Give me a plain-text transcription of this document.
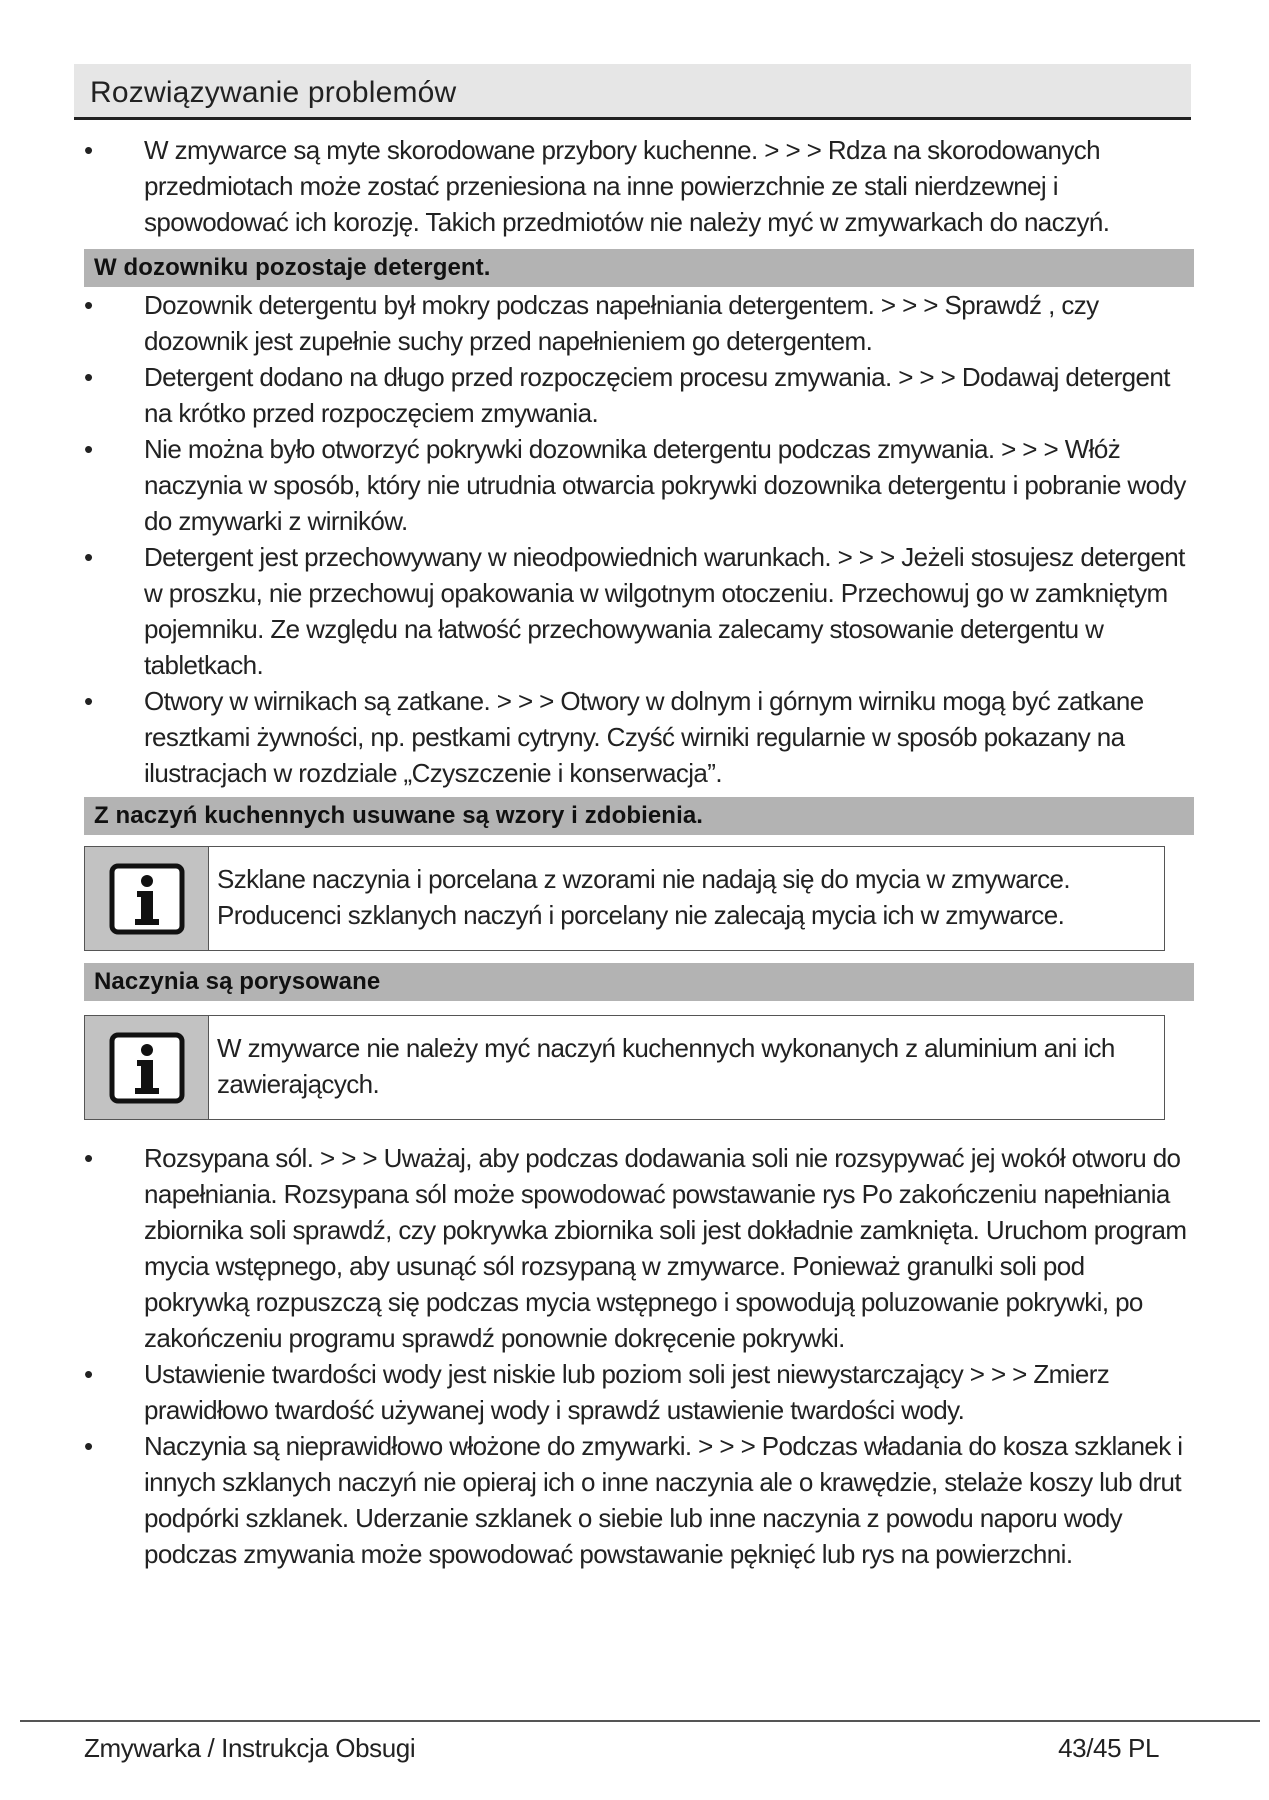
Rozwiązywanie problemów
• W zmywarce są myte skorodowane przybory kuchenne. > > > Rdza na skorodowanych przedmiotach może zostać przeniesiona na inne powierzchnie ze stali nierdzewnej i spowodować ich korozję. Takich przedmiotów nie należy myć w zmywarkach do naczyń.
W dozowniku pozostaje detergent.
• Dozownik detergentu był mokry podczas napełniania detergentem. > > > Sprawdź , czy dozownik jest zupełnie suchy przed napełnieniem go detergentem.
• Detergent dodano na długo przed rozpoczęciem procesu zmywania. > > > Dodawaj detergent na krótko przed rozpoczęciem zmywania.
• Nie można było otworzyć pokrywki dozownika detergentu podczas zmywania. > > > Włóż naczynia w sposób, który nie utrudnia otwarcia pokrywki dozownika detergentu i pobranie wody do zmywarki z wirników.
• Detergent jest przechowywany w nieodpowiednich warunkach. > > > Jeżeli stosujesz detergent w proszku, nie przechowuj opakowania w wilgotnym otoczeniu. Przechowuj go w zamkniętym pojemniku. Ze względu na łatwość przechowywania zalecamy stosowanie detergentu w tabletkach.
• Otwory w wirnikach są zatkane. > > > Otwory w dolnym i górnym wirniku mogą być zatkane resztkami żywności, np. pestkami cytryny. Czyść wirniki regularnie w sposób pokazany na ilustracjach w rozdziale „Czyszczenie i konserwacja”.
Z naczyń kuchennych usuwane są wzory i zdobienia.
Szklane naczynia i porcelana z wzorami nie nadają się do mycia w zmywarce. Producenci szklanych naczyń i porcelany nie zalecają mycia ich w zmywarce.
Naczynia są porysowane
W zmywarce nie należy myć naczyń kuchennych wykonanych z aluminium ani ich zawierających.
• Rozsypana sól. > > > Uważaj, aby podczas dodawania soli nie rozsypywać jej wokół otworu do napełniania. Rozsypana sól może spowodować powstawanie rys Po zakończeniu napełniania zbiornika soli sprawdź, czy pokrywka zbiornika soli jest dokładnie zamknięta. Uruchom program mycia wstępnego, aby usunąć sól rozsypaną w zmywarce. Ponieważ granulki soli pod pokrywką rozpuszczą się podczas mycia wstępnego i spowodują poluzowanie pokrywki, po zakończeniu programu sprawdź ponownie dokręcenie pokrywki.
• Ustawienie twardości wody jest niskie lub poziom soli jest niewystarczający > > > Zmierz prawidłowo twardość używanej wody i sprawdź ustawienie twardości wody.
• Naczynia są nieprawidłowo włożone do zmywarki. > > > Podczas władania do kosza szklanek i innych szklanych naczyń nie opieraj ich o inne naczynia ale o krawędzie, stelaże koszy lub drut podpórki szklanek. Uderzanie szklanek o siebie lub inne naczynia z powodu naporu wody podczas zmywania może spowodować powstawanie pęknięć lub rys na powierzchni.
Zmywarka / Instrukcja Obsugi	43/45 PL
